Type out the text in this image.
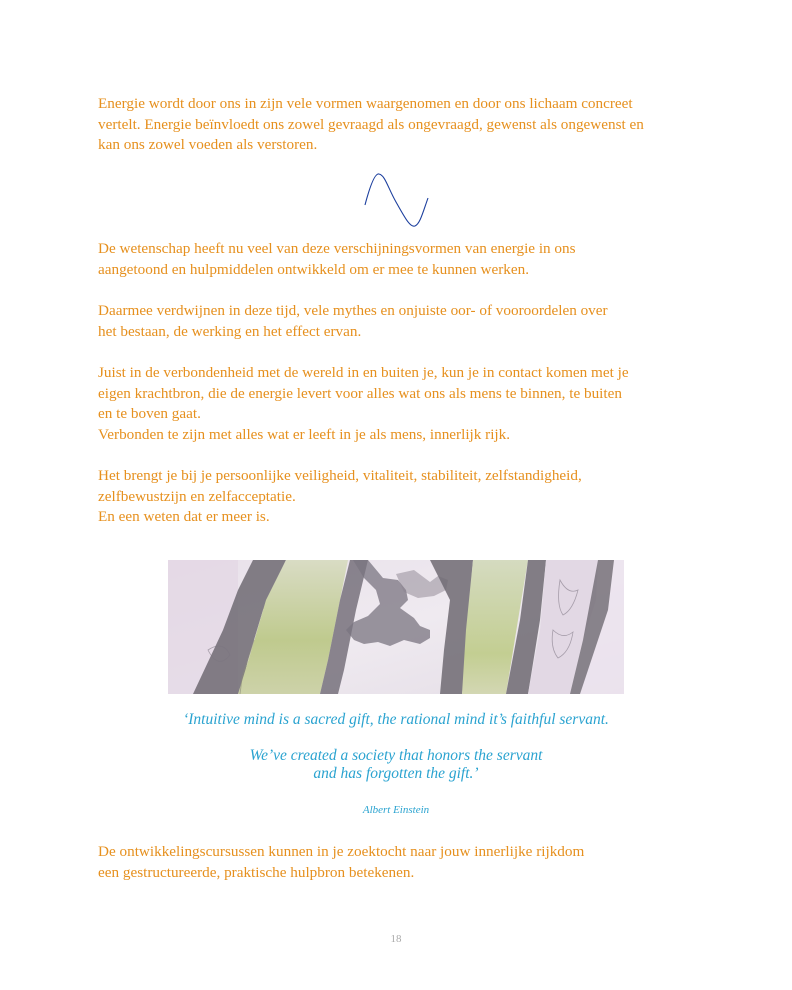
Energie wordt door ons in zijn vele vormen waargenomen en door ons lichaam concreet
vertelt. Energie beïnvloedt ons zowel gevraagd als ongevraagd, gewenst als ongewenst en
kan ons zowel voeden als verstoren.
De wetenschap heeft nu veel van deze verschijningsvormen van energie in ons
aangetoond en hulpmiddelen ontwikkeld om er mee te kunnen werken.
Daarmee verdwijnen in deze tijd, vele mythes en onjuiste oor- of vooroordelen over
het bestaan, de werking en het effect ervan.
Juist in de verbondenheid met de wereld in en buiten je, kun je in contact komen met je
eigen krachtbron, die de energie levert voor alles wat ons als mens te binnen, te buiten
en te boven gaat.
Verbonden te zijn met alles wat er leeft in je als mens, innerlijk rijk.
Het brengt je bij je persoonlijke veiligheid, vitaliteit, stabiliteit, zelfstandigheid,
zelfbewustzijn en zelfacceptatie.
En een weten dat er meer is.

‘Intuitive mind is a sacred gift, the rational mind it’s faithful servant.

We’ve created a society that honors the servant
and has forgotten the gift.’

Albert Einstein

De ontwikkelingscursussen kunnen in je zoektocht naar jouw innerlijke rijkdom
een gestructureerde, praktische hulpbron betekenen.
18
